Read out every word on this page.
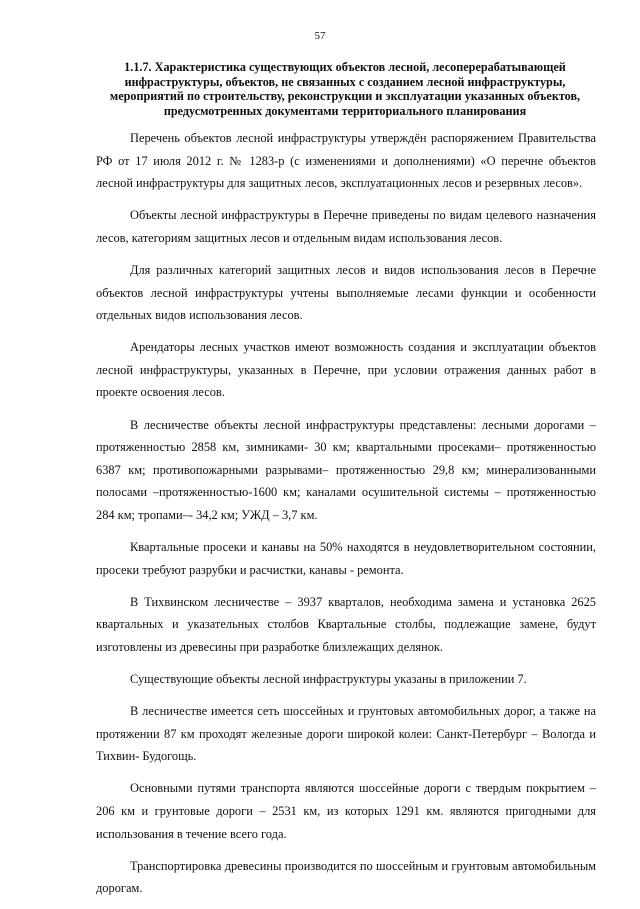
57
1.1.7. Характеристика существующих объектов лесной, лесоперерабатывающей инфраструктуры, объектов, не связанных с созданием лесной инфраструктуры, мероприятий по строительству, реконструкции и эксплуатации указанных объектов, предусмотренных документами территориального планирования

Перечень объектов лесной инфраструктуры утверждён распоряжением Правительства РФ от 17 июля 2012 г. № 1283-р (с изменениями и дополнениями) «О перечне объектов лесной инфраструктуры для защитных лесов, эксплуатационных лесов и резервных лесов».

Объекты лесной инфраструктуры в Перечне приведены по видам целевого назначения лесов, категориям защитных лесов и отдельным видам использования лесов.

Для различных категорий защитных лесов и видов использования лесов в Перечне объектов лесной инфраструктуры учтены выполняемые лесами функции и особенности отдельных видов использования лесов.

Арендаторы лесных участков имеют возможность создания и эксплуатации объектов лесной инфраструктуры, указанных в Перечне, при условии отражения данных работ в проекте освоения лесов.

В лесничестве объекты лесной инфраструктуры представлены: лесными дорогами – протяженностью 2858 км, зимниками- 30 км; квартальными просеками– протяженностью 6387 км; противопожарными разрывами– протяженностью 29,8 км; минерализованными полосами –протяженностью-1600 км; каналами осушительной системы – протяженностью 284 км; тропами–- 34,2 км; УЖД – 3,7 км.

Квартальные просеки и канавы на 50% находятся в неудовлетворительном состоянии, просеки требуют разрубки и расчистки, канавы - ремонта.

В Тихвинском лесничестве – 3937 кварталов, необходима замена и установка 2625 квартальных и указательных столбов Квартальные столбы, подлежащие замене, будут изготовлены из древесины при разработке близлежащих делянок.

Существующие объекты лесной инфраструктуры указаны в приложении 7.

В лесничестве имеется сеть шоссейных и грунтовых автомобильных дорог, а также на протяжении 87 км проходят железные дороги широкой колеи: Санкт-Петербург – Вологда и Тихвин- Будогощь.

Основными путями транспорта являются шоссейные дороги с твердым покрытием – 206 км и грунтовые дороги – 2531 км, из которых 1291 км. являются пригодными для использования в течение всего года.

Транспортировка древесины производится по шоссейным и грунтовым автомобильным дорогам.
